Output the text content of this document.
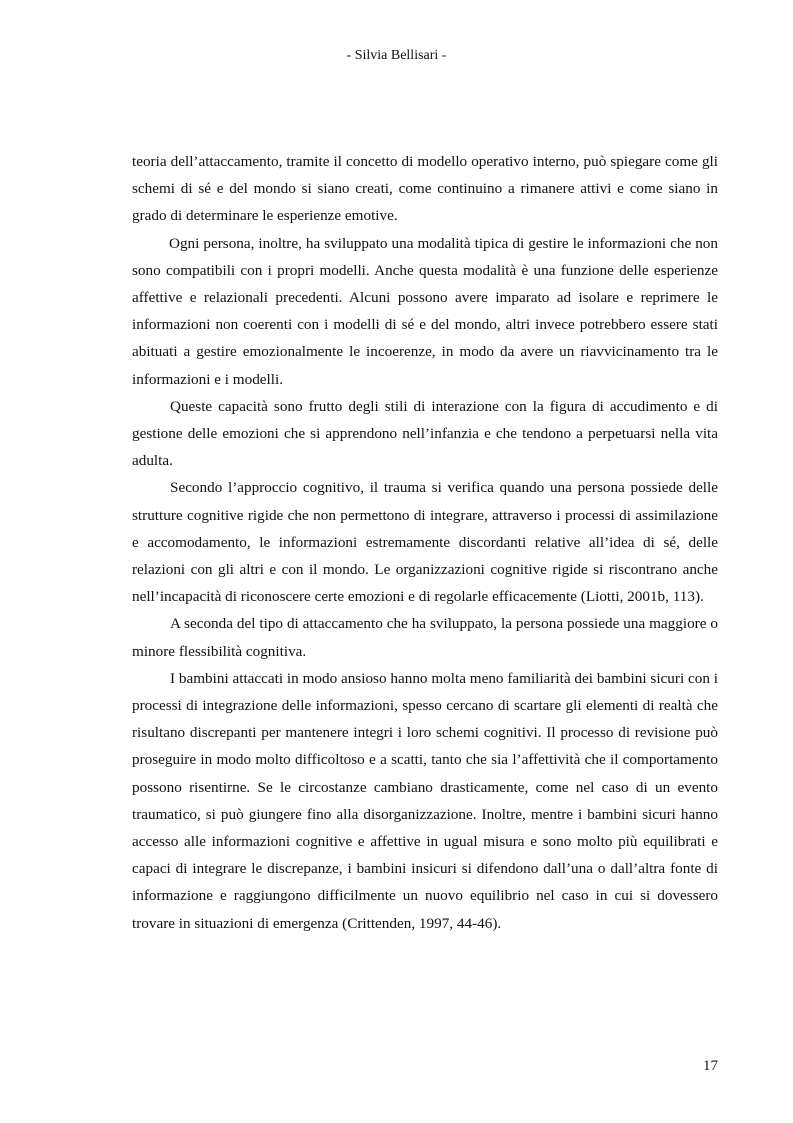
- Silvia Bellisari -

teoria dell’attaccamento, tramite il concetto di modello operativo interno, può spiegare come gli schemi di sé e del mondo si siano creati, come continuino a rimanere attivi e come siano in grado di determinare le esperienze emotive.

Ogni persona, inoltre, ha sviluppato una modalità tipica di gestire le informazioni che non sono compatibili con i propri modelli. Anche questa modalità è una funzione delle esperienze affettive e relazionali precedenti. Alcuni possono avere imparato ad isolare e reprimere le informazioni non coerenti con i modelli di sé e del mondo, altri invece potrebbero essere stati abituati a gestire emozionalmente le incoerenze, in modo da avere un riavvicinamento tra le informazioni e i modelli.

Queste capacità sono frutto degli stili di interazione con la figura di accudimento e di gestione delle emozioni che si apprendono nell’infanzia e che tendono a perpetuarsi nella vita adulta.

Secondo l’approccio cognitivo, il trauma si verifica quando una persona possiede delle strutture cognitive rigide che non permettono di integrare, attraverso i processi di assimilazione e accomodamento, le informazioni estremamente discordanti relative all’idea di sé, delle relazioni con gli altri e con il mondo. Le organizzazioni cognitive rigide si riscontrano anche nell’incapacità di riconoscere certe emozioni e di regolarle efficacemente (Liotti, 2001b, 113).

A seconda del tipo di attaccamento che ha sviluppato, la persona possiede una maggiore o minore flessibilità cognitiva.

I bambini attaccati in modo ansioso hanno molta meno familiarità dei bambini sicuri con i processi di integrazione delle informazioni, spesso cercano di scartare gli elementi di realtà che risultano discrepanti per mantenere integri i loro schemi cognitivi. Il processo di revisione può proseguire in modo molto difficoltoso e a scatti, tanto che sia l’affettività che il comportamento possono risentirne. Se le circostanze cambiano drasticamente, come nel caso di un evento traumatico, si può giungere fino alla disorganizzazione. Inoltre, mentre i bambini sicuri hanno accesso alle informazioni cognitive e affettive in ugual misura e sono molto più equilibrati e capaci di integrare le discrepanze, i bambini insicuri si difendono dall’una o dall’altra fonte di informazione e raggiungono difficilmente un nuovo equilibrio nel caso in cui si dovessero trovare in situazioni di emergenza (Crittenden, 1997, 44-46).

17
